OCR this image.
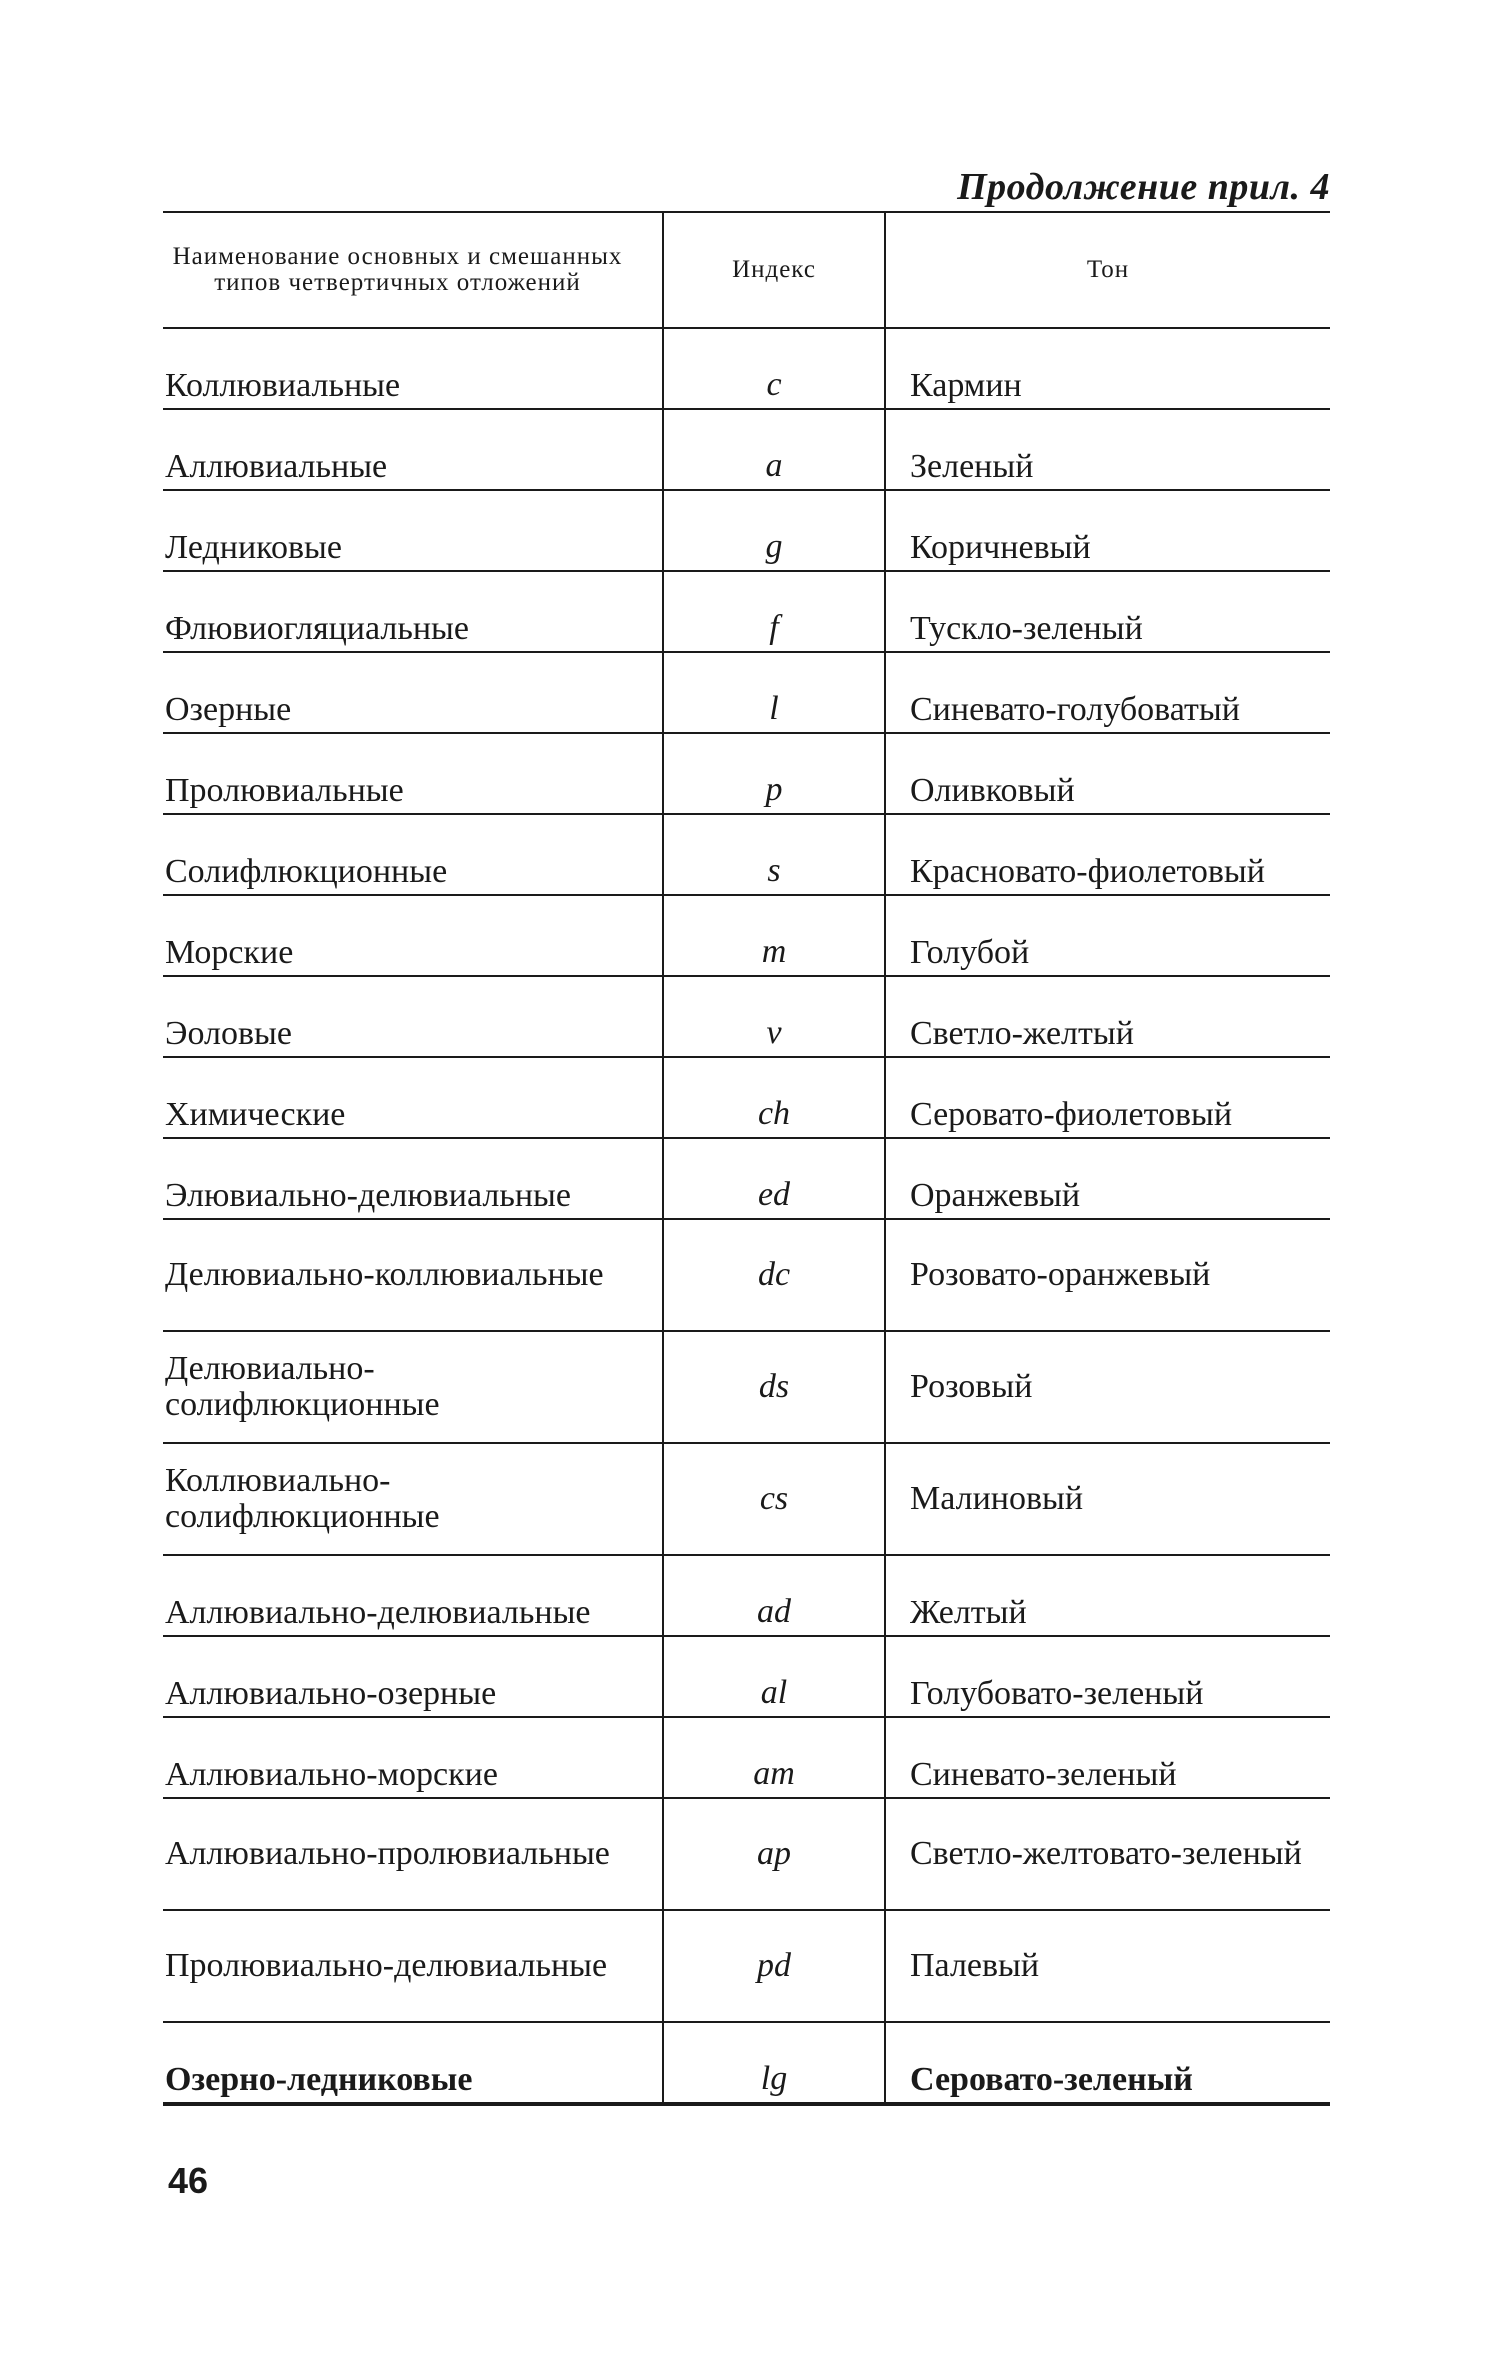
Продолжение прил. 4
Наименование основных и смешанных типов четвертичных отложений	Индекс	Тон
Коллювиальные	c	Кармин
Аллювиальные	a	Зеленый
Ледниковые	g	Коричневый
Флювиогляциальные	f	Тускло-зеленый
Озерные	l	Синевато-голубоватый
Пролювиальные	p	Оливковый
Солифлюкционные	s	Красновато-фиолетовый
Морские	m	Голубой
Эоловые	v	Светло-желтый
Химические	ch	Серовато-фиолетовый
Элювиально-делювиальные	ed	Оранжевый
Делювиально-коллювиальные	dc	Розовато-оранжевый
Делювиально-солифлюкционные	ds	Розовый
Коллювиально-солифлюкционные	cs	Малиновый
Аллювиально-делювиальные	ad	Желтый
Аллювиально-озерные	al	Голубовато-зеленый
Аллювиально-морские	am	Синевато-зеленый
Аллювиально-пролювиальные	ap	Светло-желтовато-зеленый
Пролювиально-делювиальные	pd	Палевый
Озерно-ледниковые	lg	Серовато-зеленый
46
